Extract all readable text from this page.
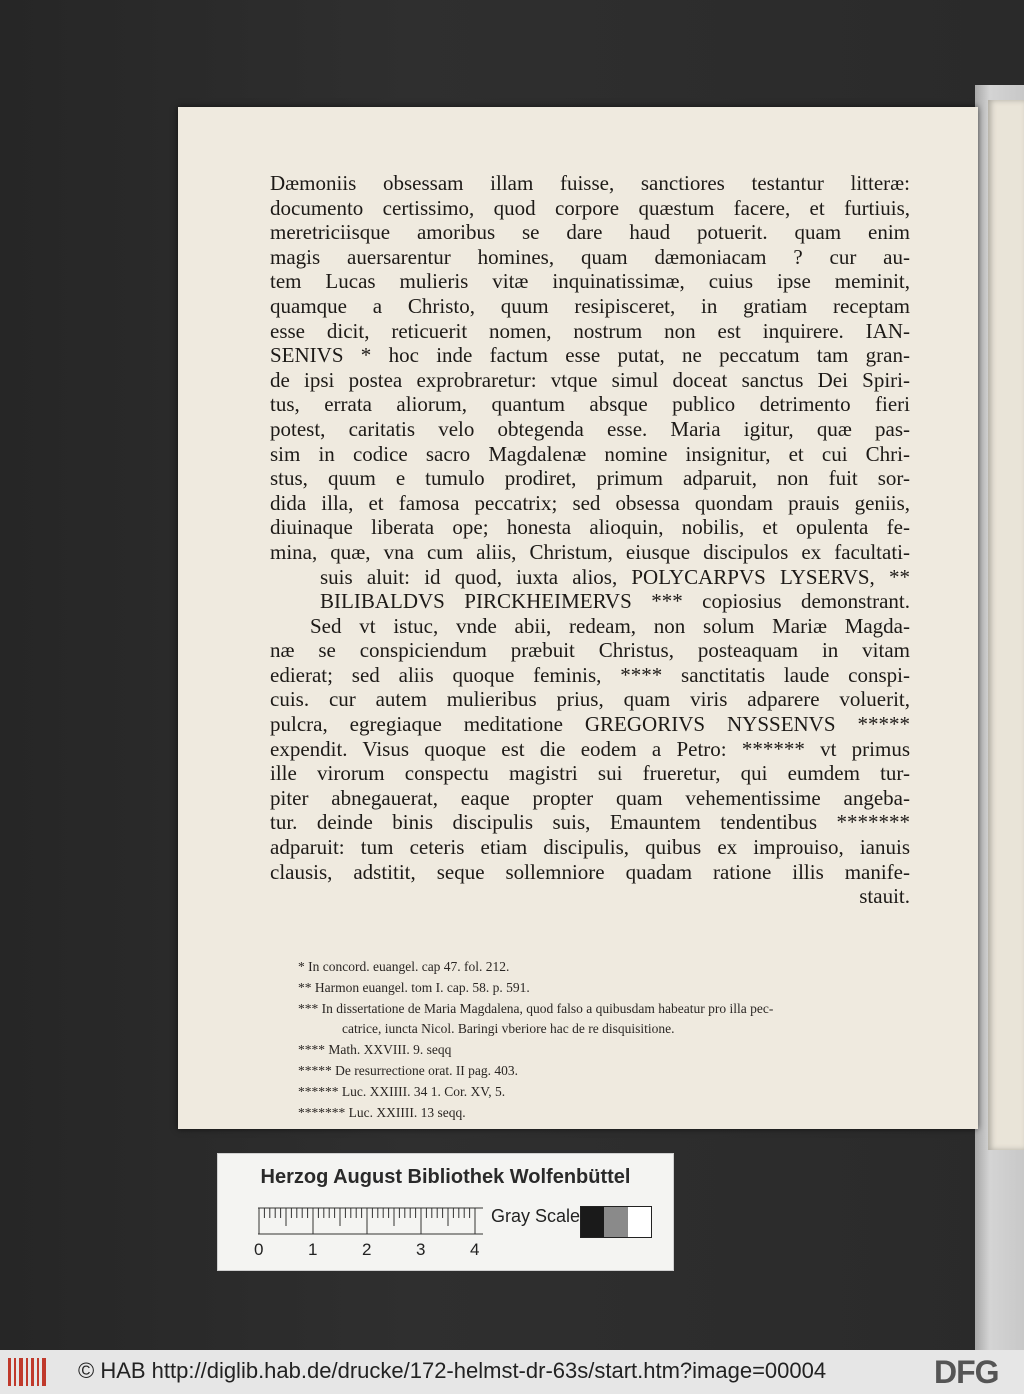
Dæmoniis obsessam illam fuisse, sanctiores testantur litteræ:
documento certissimo, quod corpore quæstum facere, et furtiuis,
meretriciisque amoribus se dare haud potuerit. quam enim
magis auersarentur homines, quam dæmoniacam ? cur au-
tem Lucas mulieris vitæ inquinatissimæ, cuius ipse meminit,
quamque a Christo, quum resipisceret, in gratiam receptam
esse dicit, reticuerit nomen, nostrum non est inquirere. IAN-
SENIVS * hoc inde factum esse putat, ne peccatum tam gran-
de ipsi postea exprobraretur: vtque simul doceat sanctus Dei Spiri-
tus, errata aliorum, quantum absque publico detrimento fieri
potest, caritatis velo obtegenda esse. Maria igitur, quæ pas-
sim in codice sacro Magdalenæ nomine insignitur, et cui Chri-
stus, quum e tumulo prodiret, primum adparuit, non fuit sor-
dida illa, et famosa peccatrix; sed obsessa quondam prauis geniis,
diuinaque liberata ope; honesta alioquin, nobilis, et opulenta fe-
mina, quæ, vna cum aliis, Christum, eiusque discipulos ex facultati-
suis aluit: id quod, iuxta alios, POLYCARPVS LYSERVS, **
BILIBALDVS PIRCKHEIMERVS *** copiosius demonstrant.
Sed vt istuc, vnde abii, redeam, non solum Mariæ Magda-
næ se conspiciendum præbuit Christus, posteaquam in vitam
edierat; sed aliis quoque feminis, **** sanctitatis laude conspi-
cuis. cur autem mulieribus prius, quam viris adparere voluerit,
pulcra, egregiaque meditatione GREGORIVS NYSSENVS *****
expendit. Visus quoque est die eodem a Petro: ****** vt primus
ille virorum conspectu magistri sui frueretur, qui eumdem tur-
piter abnegauerat, eaque propter quam vehementissime angeba-
tur. deinde binis discipulis suis, Emauntem tendentibus *******
adparuit: tum ceteris etiam discipulis, quibus ex improuiso, ianuis
clausis, adstitit, seque sollemniore quadam ratione illis manife-
stauit.
* In concord. euangel. cap 47. fol. 212.
** Harmon euangel. tom I. cap. 58. p. 591.
*** In dissertatione de Maria Magdalena, quod falso a quibusdam habeatur pro illa pec-
catrice, iuncta Nicol. Baringi vberiore hac de re disquisitione.
**** Math. XXVIII. 9. seqq
***** De resurrectione orat. II pag. 403.
****** Luc. XXIIII. 34 1. Cor. XV, 5.
******* Luc. XXIIII. 13 seqq.
Herzog August Bibliothek Wolfenbüttel
0	1	2	3	4
Gray Scale
© HAB http://diglib.hab.de/drucke/172-helmst-dr-63s/start.htm?image=00004	DFG
